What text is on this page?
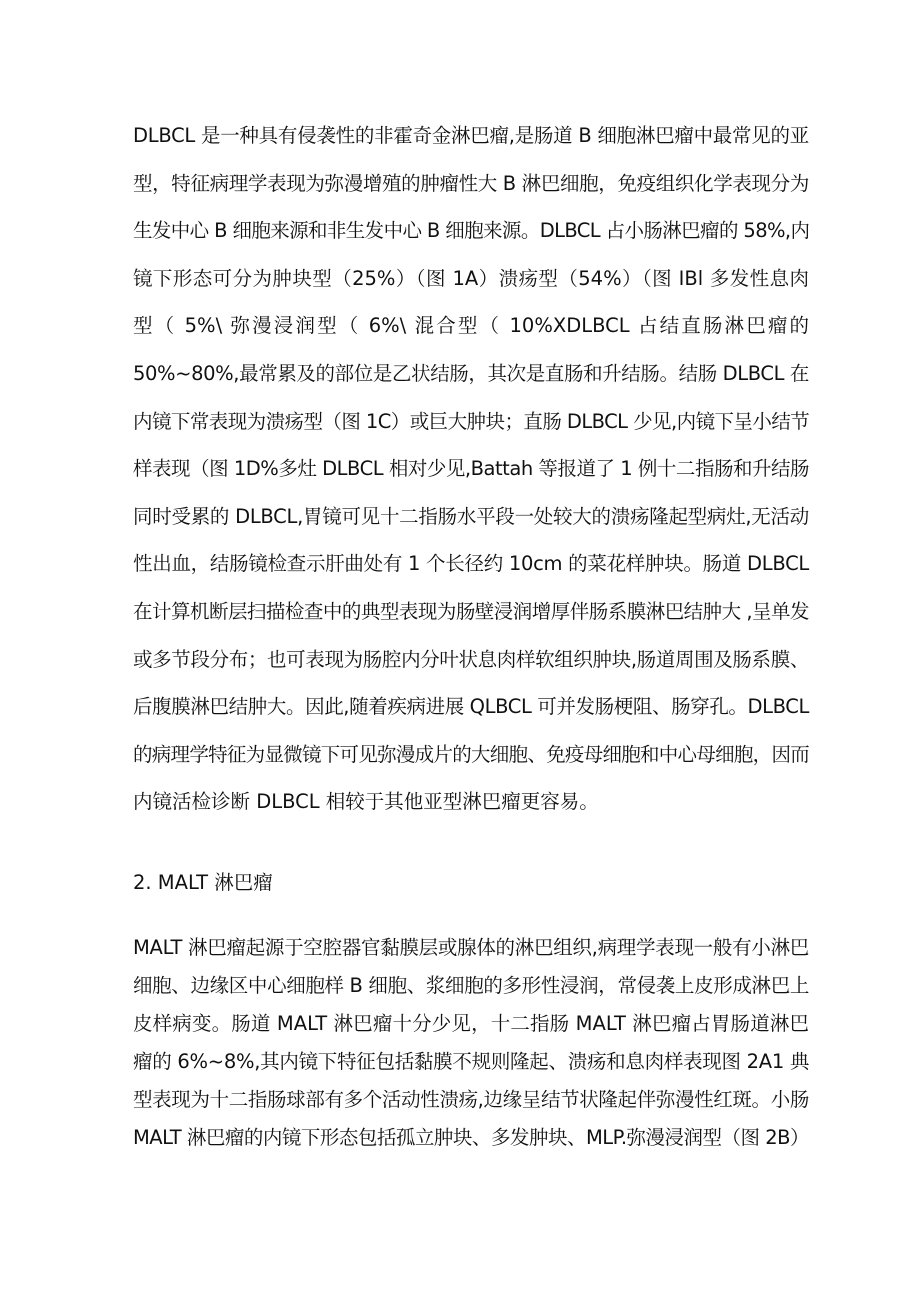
DLBCL 是一种具有侵袭性的非霍奇金淋巴瘤,是肠道 B 细胞淋巴瘤中最常见的亚
型，特征病理学表现为弥漫增殖的肿瘤性大 B 淋巴细胞，免疫组织化学表现分为
生发中心 B 细胞来源和非生发中心 B 细胞来源。DLBCL 占小肠淋巴瘤的 58%,内
镜下形态可分为肿块型（25%）（图 1A）溃疡型（54%）（图 IBl 多发性息肉
型（ 5%\ 弥漫浸润型（ 6%\ 混合型（ 10%XDLBCL 占结直肠淋巴瘤的
50%~80%,最常累及的部位是乙状结肠，其次是直肠和升结肠。结肠 DLBCL 在
内镜下常表现为溃疡型（图 1C）或巨大肿块；直肠 DLBCL 少见,内镜下呈小结节
样表现（图 1D%多灶 DLBCL 相对少见,Battah 等报道了 1 例十二指肠和升结肠
同时受累的 DLBCL,胃镜可见十二指肠水平段一处较大的溃疡隆起型病灶,无活动
性出血，结肠镜检查示肝曲处有 1 个长径约 10cm 的菜花样肿块。肠道 DLBCL
在计算机断层扫描检查中的典型表现为肠壁浸润增厚伴肠系膜淋巴结肿大 ,呈单发
或多节段分布；也可表现为肠腔内分叶状息肉样软组织肿块,肠道周围及肠系膜、
后腹膜淋巴结肿大。因此,随着疾病进展 QLBCL 可并发肠梗阻、肠穿孔。DLBCL
的病理学特征为显微镜下可见弥漫成片的大细胞、免疫母细胞和中心母细胞，因而
内镜活检诊断 DLBCL 相较于其他亚型淋巴瘤更容易。
2. MALT 淋巴瘤
MALT 淋巴瘤起源于空腔器官黏膜层或腺体的淋巴组织,病理学表现一般有小淋巴
细胞、边缘区中心细胞样 B 细胞、浆细胞的多形性浸润，常侵袭上皮形成淋巴上
皮样病变。肠道 MALT 淋巴瘤十分少见，十二指肠 MALT 淋巴瘤占胃肠道淋巴
瘤的 6%~8%,其内镜下特征包括黏膜不规则隆起、溃疡和息肉样表现图 2A1 典
型表现为十二指肠球部有多个活动性溃疡,边缘呈结节状隆起伴弥漫性红斑。小肠
MALT 淋巴瘤的内镜下形态包括孤立肿块、多发肿块、MLP.弥漫浸润型（图 2B）
